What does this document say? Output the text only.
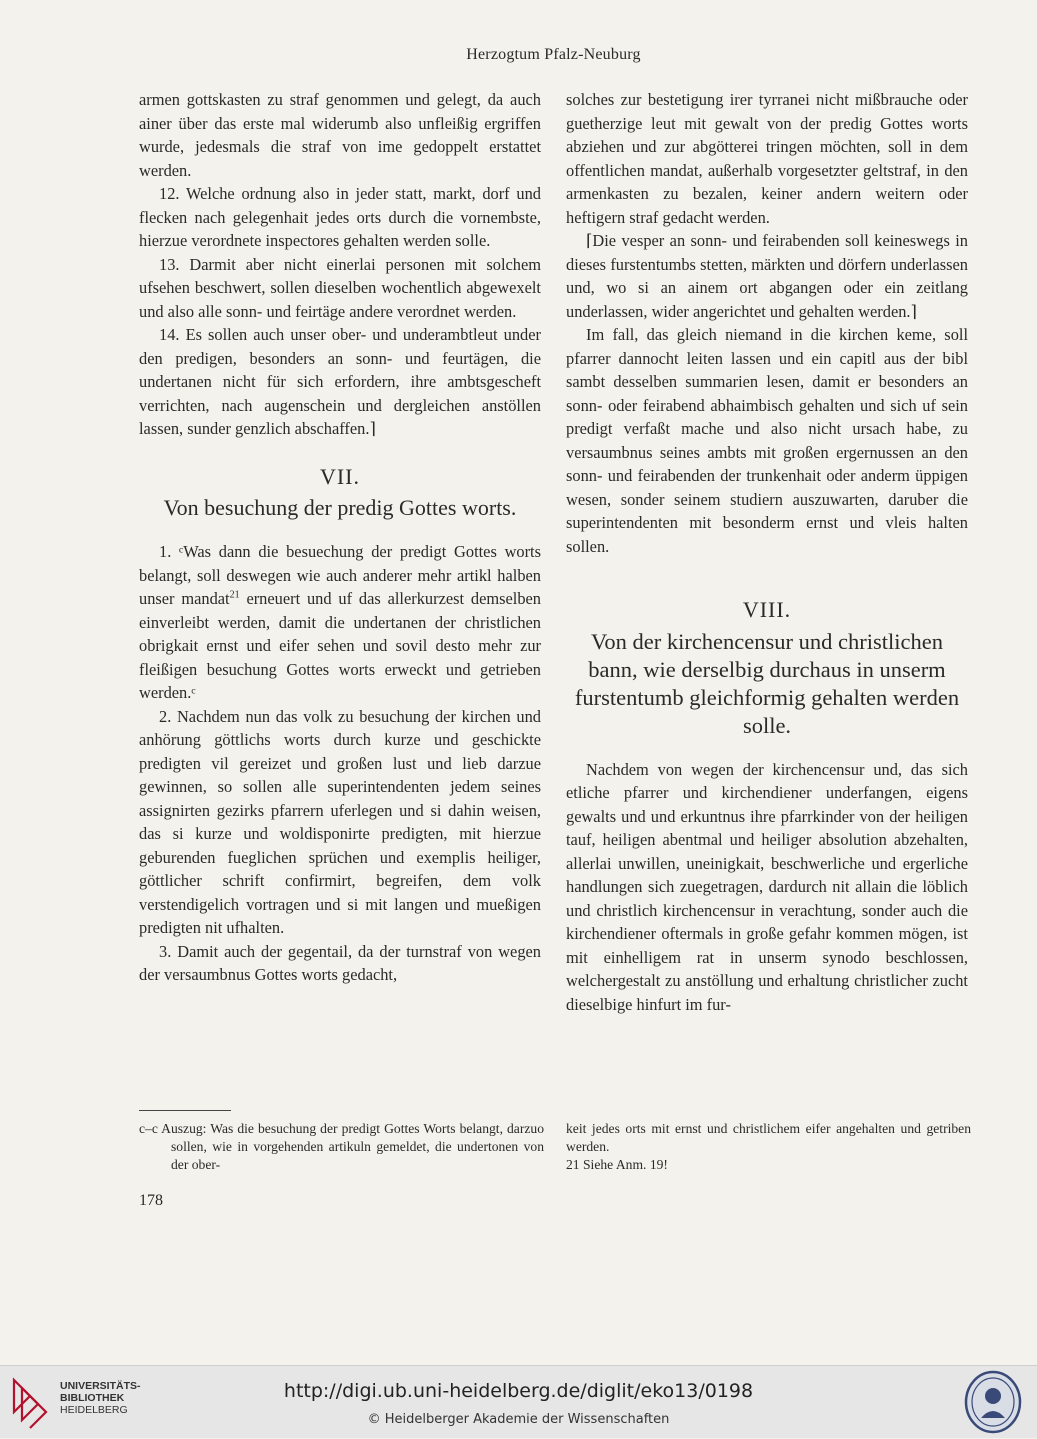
Herzogtum Pfalz-Neuburg

armen gottskasten zu straf genommen und gelegt, da auch ainer über das erste mal widerumb also unfleißig ergriffen wurde, jedesmals die straf von ime gedoppelt erstattet werden.

12. Welche ordnung also in jeder statt, markt, dorf und flecken nach gelegenhait jedes orts durch die vornembste, hierzue verordnete inspectores gehalten werden solle.

13. Darmit aber nicht einerlai personen mit solchem ufsehen beschwert, sollen dieselben wochentlich abgewexelt und also alle sonn- und feirtäge andere verordnet werden.

14. Es sollen auch unser ober- und underambtleut under den predigen, besonders an sonn- und feurtägen, die undertanen nicht für sich erfordern, ihre ambtsgescheft verrichten, nach augenschein und dergleichen anstöllen lassen, sunder genzlich abschaffen.⌉

VII.
Von besuchung der predig Gottes worts.

1. ᶜWas dann die besuechung der predigt Gottes worts belangt, soll deswegen wie auch anderer mehr artikl halben unser mandat$^{21}$ erneuert und uf das allerkurzest demselben einverleibt werden, damit die undertanen der christlichen obrigkait ernst und eifer sehen und sovil desto mehr zur fleißigen besuchung Gottes worts erweckt und getrieben werden.ᶜ

2. Nachdem nun das volk zu besuchung der kirchen und anhörung göttlichs worts durch kurze und geschickte predigten vil gereizet und großen lust und lieb darzue gewinnen, so sollen alle superintendenten jedem seines assignirten gezirks pfarrern uferlegen und si dahin weisen, das si kurze und woldisponirte predigten, mit hierzue geburenden fueglichen sprüchen und exemplis heiliger, göttlicher schrift confirmirt, begreifen, dem volk verstendigelich vortragen und si mit langen und mueßigen predigten nit ufhalten.

3. Damit auch der gegentail, da der turnstraf von wegen der versaumbnus Gottes worts gedacht,

solches zur bestetigung irer tyrranei nicht mißbrauche oder guetherzige leut mit gewalt von der predig Gottes worts abziehen und zur abgötterei tringen möchten, soll in dem offentlichen mandat, außerhalb vorgesetzter geltstraf, in den armenkasten zu bezalen, keiner andern weitern oder heftigern straf gedacht werden.

⌈Die vesper an sonn- und feirabenden soll keineswegs in dieses furstentumbs stetten, märkten und dörfern underlassen und, wo si an ainem ort abgangen oder ein zeitlang underlassen, wider angerichtet und gehalten werden.⌉

Im fall, das gleich niemand in die kirchen keme, soll pfarrer dannocht leiten lassen und ein capitl aus der bibl sambt desselben summarien lesen, damit er besonders an sonn- oder feirabend abhaimbisch gehalten und sich uf sein predigt verfaßt mache und also nicht ursach habe, zu versaumbnus seines ambts mit großen ergernussen an den sonn- und feirabenden der trunkenhait oder anderm üppigen wesen, sonder seinem studiern auszuwarten, daruber die superintendenten mit besonderm ernst und vleis halten sollen.

VIII.
Von der kirchencensur und christlichen bann, wie derselbig durchaus in unserm furstentumb gleichformig gehalten werden solle.

Nachdem von wegen der kirchencensur und, das sich etliche pfarrer und kirchendiener underfangen, eigens gewalts und und erkuntnus ihre pfarrkinder von der heiligen tauf, heiligen abentmal und heiliger absolution abzehalten, allerlai unwillen, uneinigkait, beschwerliche und ergerliche handlungen sich zuegetragen, dardurch nit allain die löblich und christlich kirchencensur in verachtung, sonder auch die kirchendiener oftermals in große gefahr kommen mögen, ist mit einhelligem rat in unserm synodo beschlossen, welchergestalt zu anstöllung und erhaltung christlicher zucht dieselbige hinfurt im fur-

c–c Auszug: Was die besuchung der predigt Gottes Worts belangt, darzuo sollen, wie in vorgehenden artikuln gemeldet, die undertonen von der ober-

keit jedes orts mit ernst und christlichem eifer angehalten und getriben werden.

21 Siehe Anm. 19!

178
UNIVERSITÄTS-
BIBLIOTHEK
HEIDELBERG
http://digi.ub.uni-heidelberg.de/diglit/eko13/0198
© Heidelberger Akademie der Wissenschaften
